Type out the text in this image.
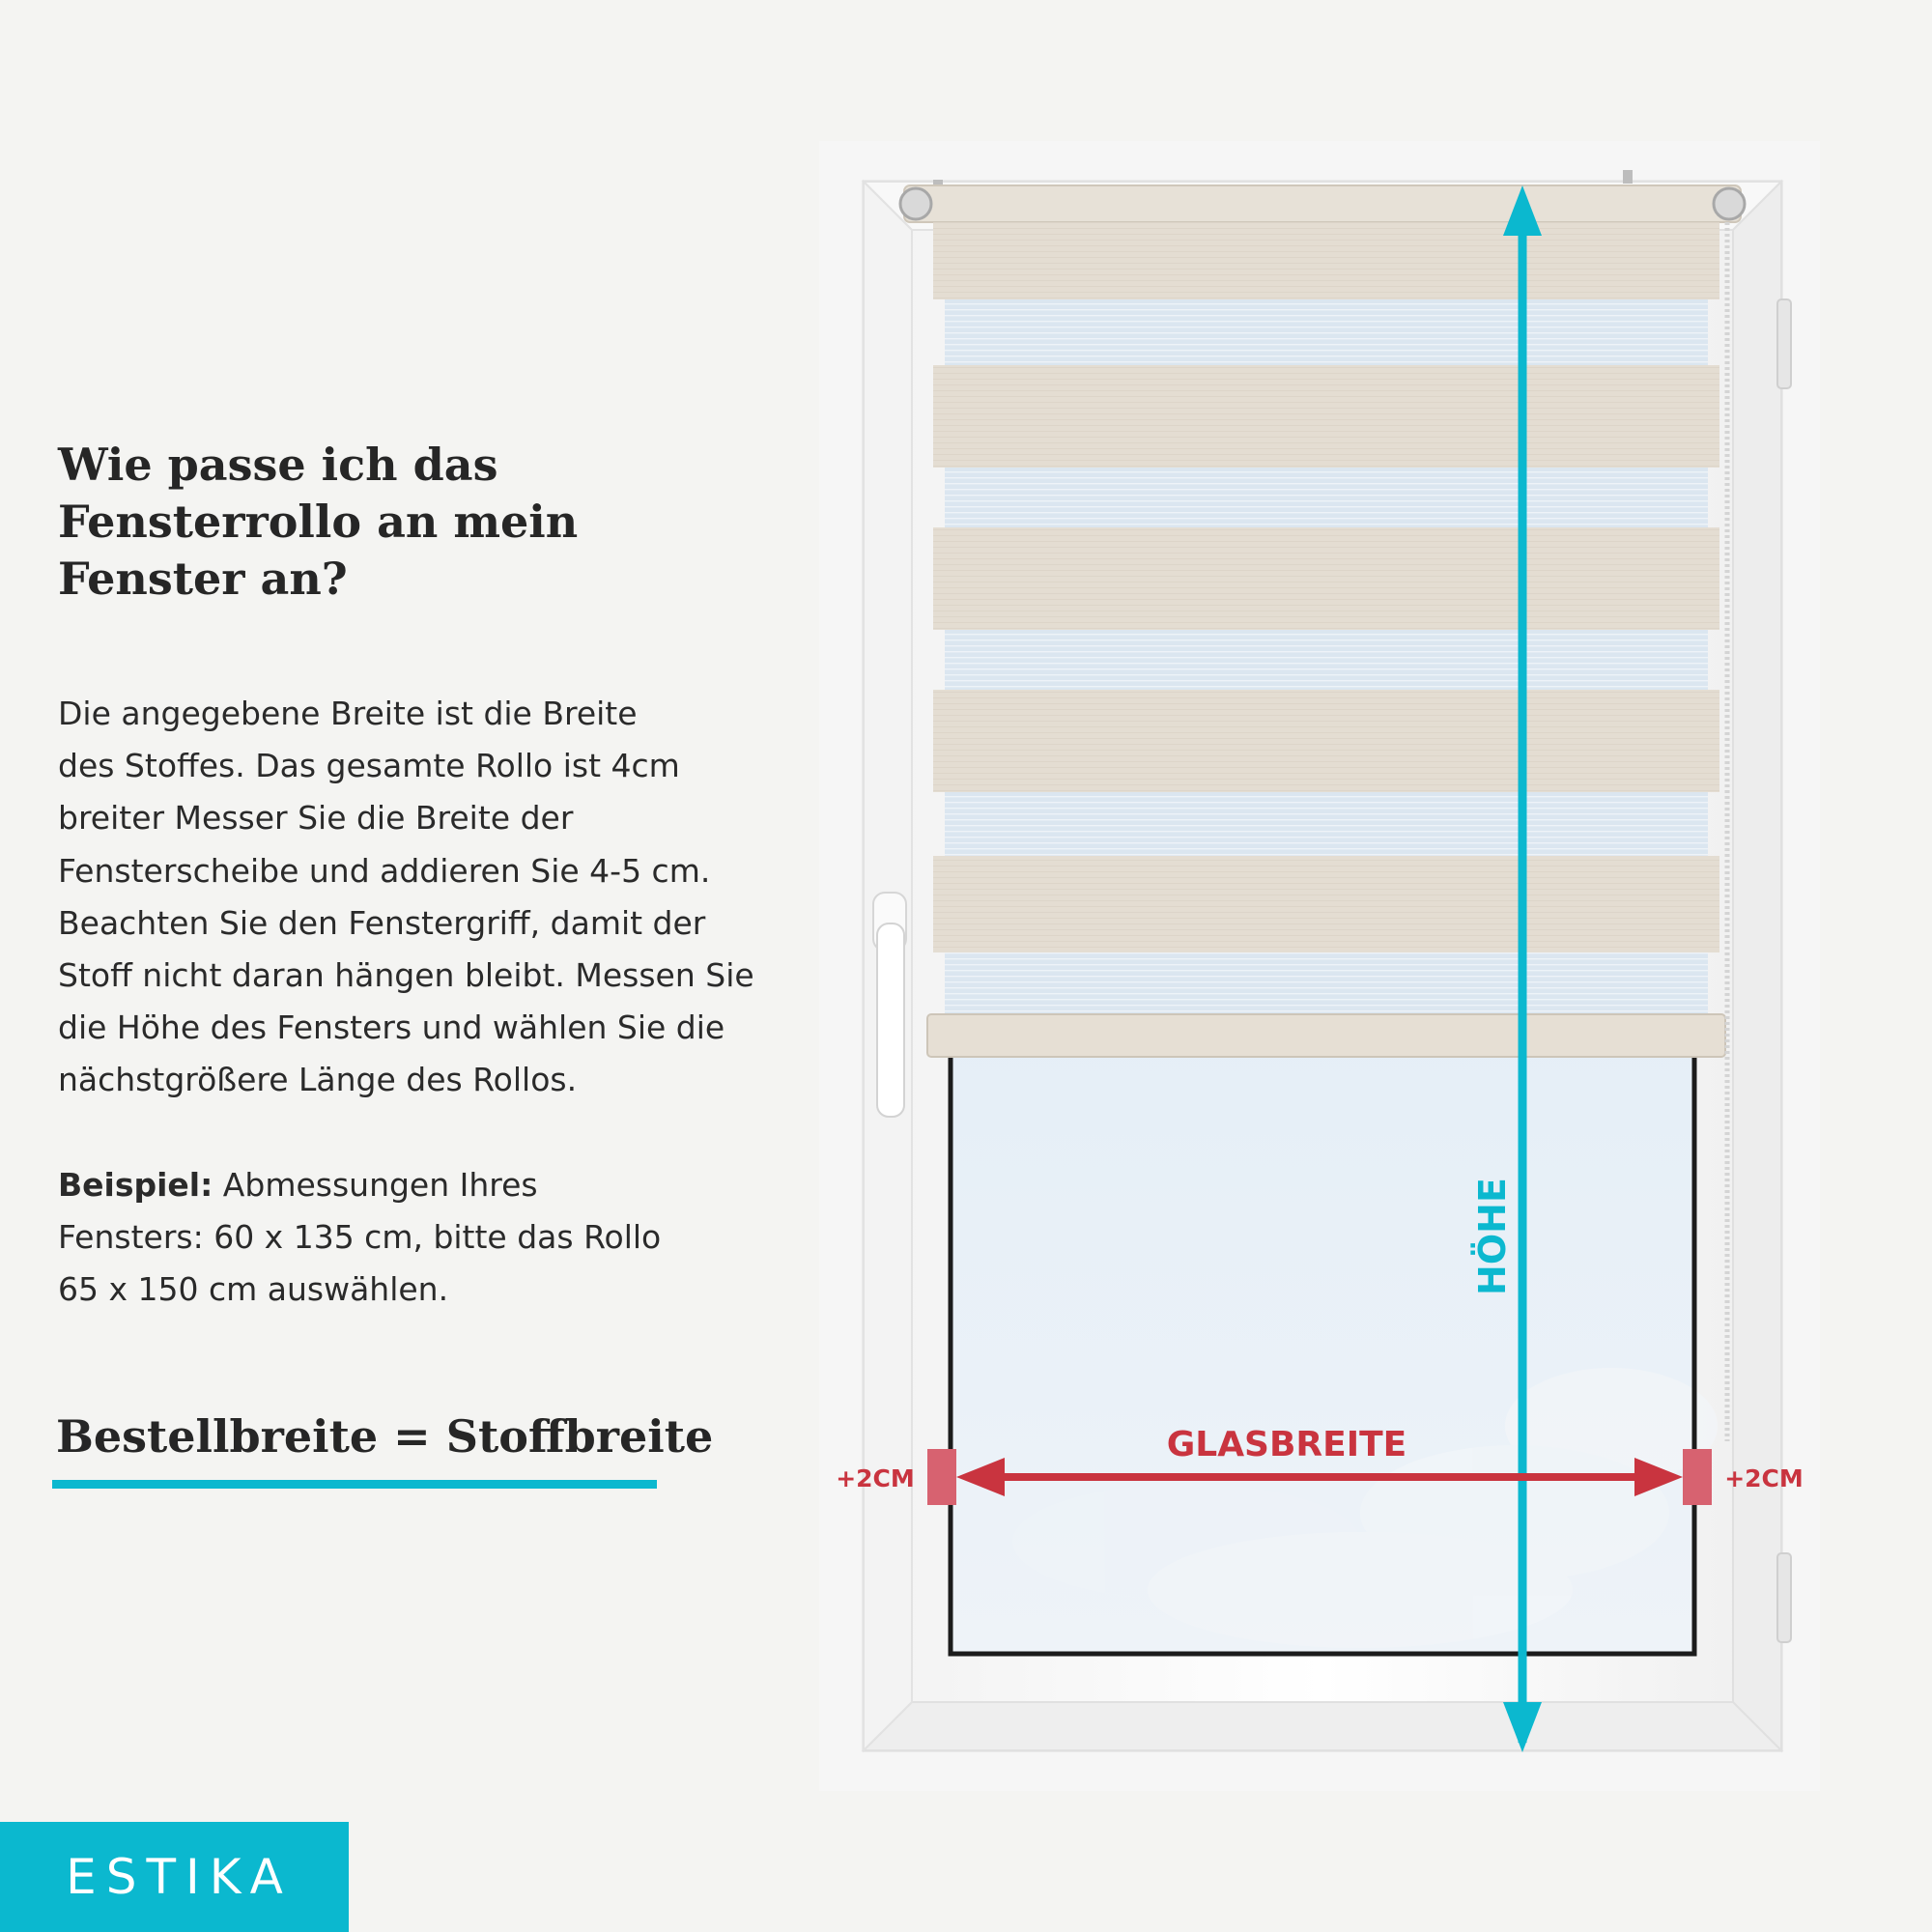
Wie passe ich das
Fensterrollo an mein
Fenster an?

Die angegebene Breite ist die Breite
des Stoffes. Das gesamte Rollo ist 4cm
breiter Messer Sie die Breite der
Fensterscheibe und addieren Sie 4-5 cm.
Beachten Sie den Fenstergriff, damit der
Stoff nicht daran hängen bleibt. Messen Sie
die Höhe des Fensters und wählen Sie die
nächstgrößere Länge des Rollos.

Beispiel: Abmessungen Ihres
Fensters: 60 x 135 cm, bitte das Rollo
65 x 150 cm auswählen.

Bestellbreite = Stoffbreite
ESTIKA
HÖHE
GLASBREITE
+2CM	+2CM
